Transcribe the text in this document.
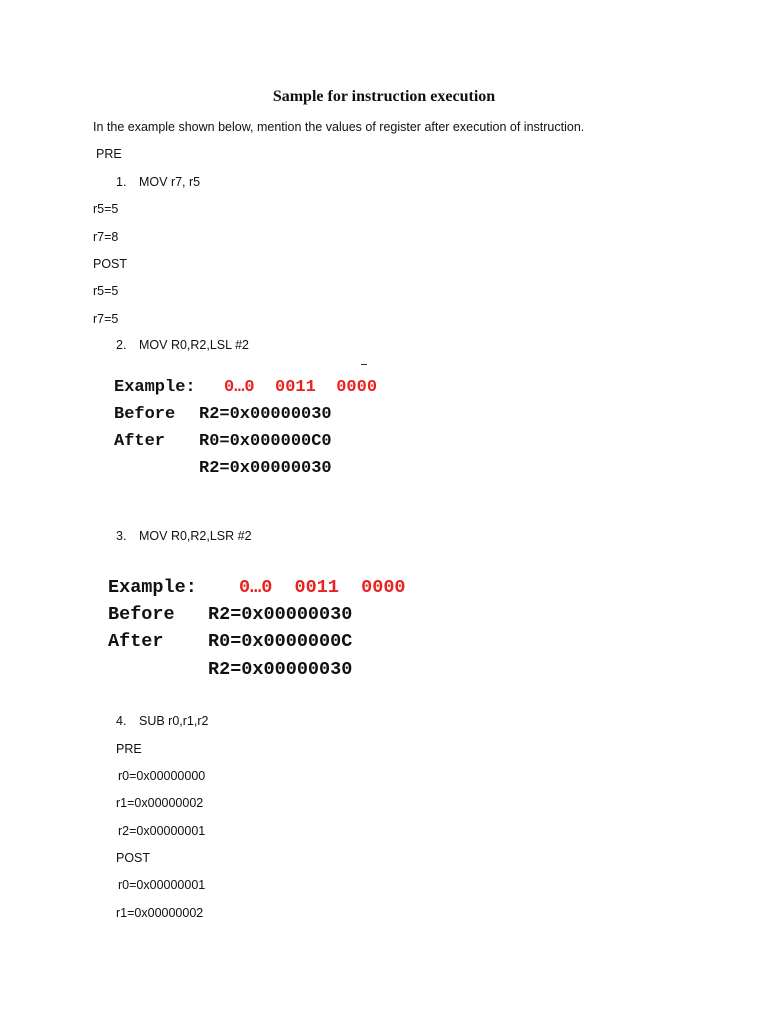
Sample for instruction execution
In the example shown below, mention the values of register after execution of instruction.
PRE
1. MOV r7, r5
r5=5
r7=8
POST
r5=5
r7=5
2. MOV R0,R2,LSL #2
Example: 0…0  0011  0000
Before R2=0x00000030
After R0=0x000000C0
R2=0x00000030
3. MOV R0,R2,LSR #2
Example:
Before
After
0…0  0011  0000
R2=0x00000030
R0=0x0000000C
R2=0x00000030
4. SUB r0,r1,r2
PRE
r0=0x00000000
r1=0x00000002
r2=0x00000001
POST
r0=0x00000001
r1=0x00000002
